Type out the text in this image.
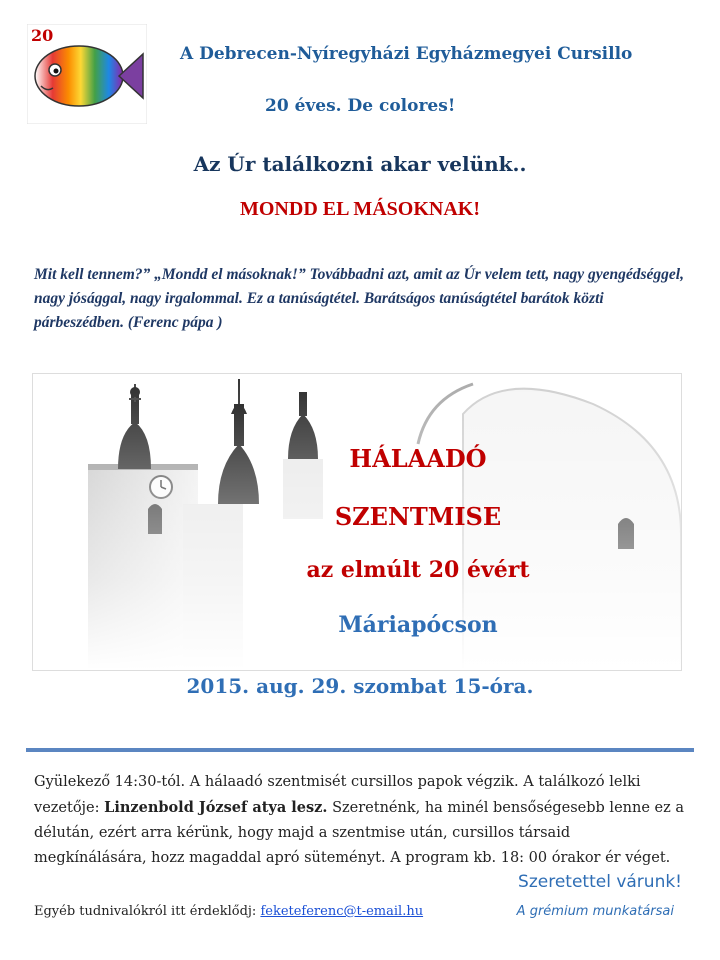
20
A Debrecen-Nyíregyházi Egyházmegyei Cursillo
20 éves. De colores!
Az Úr találkozni akar velünk..
MONDD EL MÁSOKNAK!
Mit kell tennem?” „Mondd el másoknak!” Továbbadni azt, amit az Úr velem tett, nagy gyengédséggel, nagy jósággal, nagy irgalommal. Ez a tanúságtétel. Barátságos tanúságtétel barátok közti párbeszédben. (Ferenc pápa )
HÁLAADÓ
SZENTMISE
az elmúlt 20 évért
Máriapócson
2015. aug. 29. szombat 15-óra.
Gyülekező 14:30-tól. A hálaadó szentmisét cursillos papok végzik. A találkozó lelki vezetője: Linzenbold József atya lesz. Szeretnénk, ha minél bensőségesebb lenne ez a délután, ezért arra kérünk, hogy majd a szentmise után, cursillos társaid megkínálására, hozz magaddal apró süteményt. A program kb. 18: 00 órakor ér véget.
Szeretettel várunk!
Egyéb tudnivalókról itt érdeklődj: feketeferenc@t-email.hu	A grémium munkatársai
